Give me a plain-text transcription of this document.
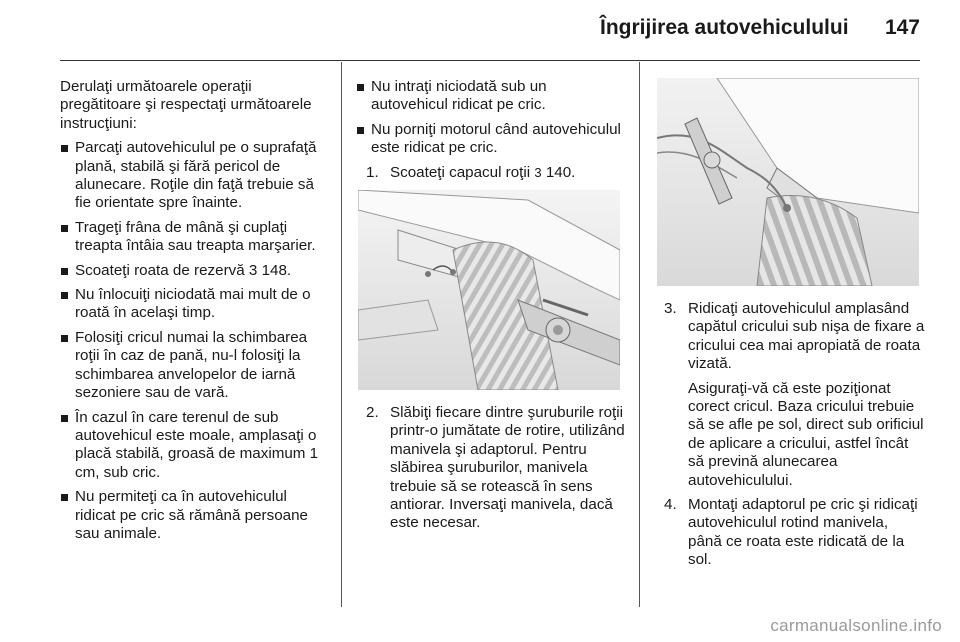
Îngrijirea autovehiculului	147

Derulaţi următoarele operaţii pregătitoare şi respectaţi următoarele instrucţiuni:

Parcaţi autovehiculul pe o suprafaţă plană, stabilă şi fără pericol de alunecare. Roţile din faţă trebuie să fie orientate spre înainte.
Trageţi frâna de mână şi cuplaţi treapta întâia sau treapta marşarier.
Scoateţi roata de rezervă 3 148.
Nu înlocuiţi niciodată mai mult de o roată în acelaşi timp.
Folosiţi cricul numai la schimbarea roţii în caz de pană, nu-l folosiţi la schimbarea anvelopelor de iarnă sezoniere sau de vară.
În cazul în care terenul de sub autovehicul este moale, amplasaţi o placă stabilă, groasă de maximum 1 cm, sub cric.
Nu permiteţi ca în autovehiculul ridicat pe cric să rămână persoane sau animale.
Nu intraţi niciodată sub un autovehicul ridicat pe cric.
Nu porniţi motorul când autovehiculul este ridicat pe cric.
1. Scoateţi capacul roţii 3 140.
2. Slăbiţi fiecare dintre şuruburile roţii printr-o jumătate de rotire, utilizând manivela şi adaptorul. Pentru slăbirea şuruburilor, manivela trebuie să se rotească în sens antiorar. Inversaţi manivela, dacă este necesar.
3. Ridicaţi autovehiculul amplasând capătul cricului sub nişa de fixare a cricului cea mai apropiată de roata vizată.

Asiguraţi-vă că este poziţionat corect cricul. Baza cricului trebuie să se afle pe sol, direct sub orificiul de aplicare a cricului, astfel încât să prevină alunecarea autovehiculului.

4. Montaţi adaptorul pe cric şi ridicaţi autovehiculul rotind manivela, până ce roata este ridicată de la sol.
carmanualsonline.info
